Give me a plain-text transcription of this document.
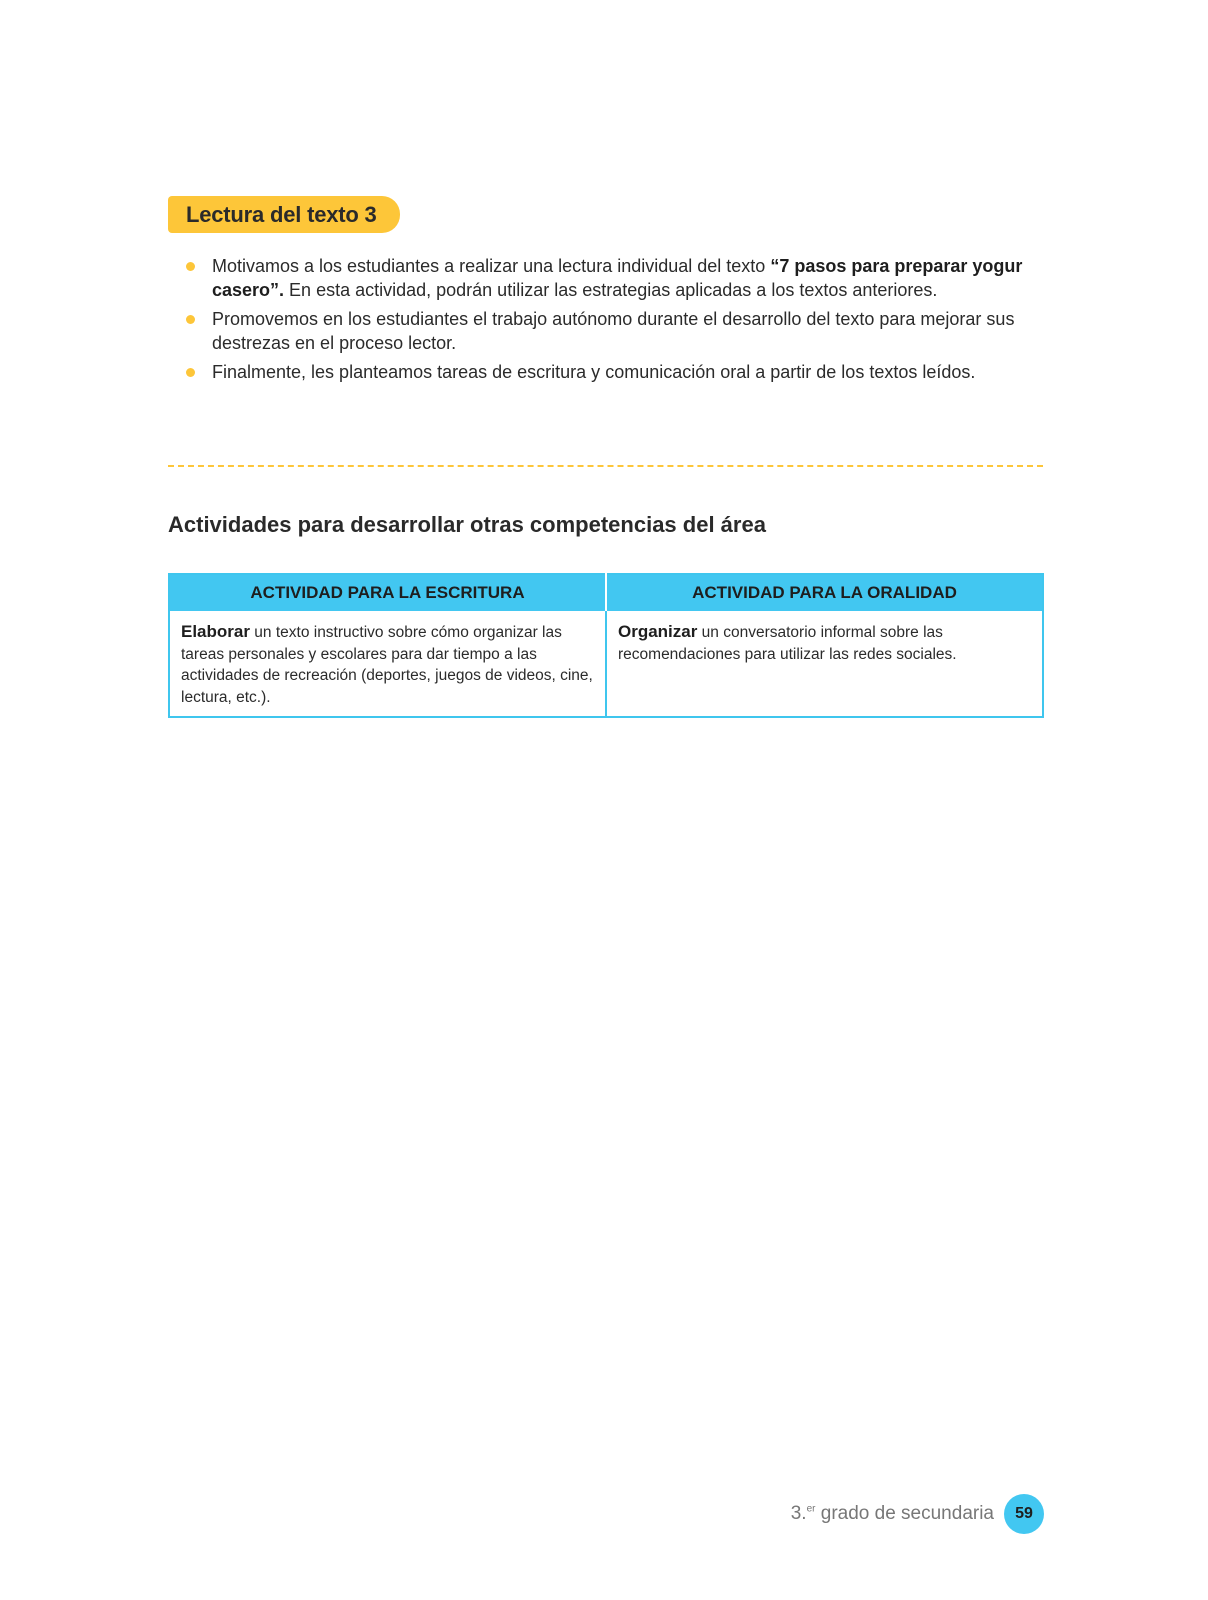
Lectura del texto 3
Motivamos a los estudiantes a realizar una lectura individual del texto “7 pasos para preparar yogur casero”. En esta actividad, podrán utilizar las estrategias aplicadas a los textos anteriores.
Promovemos en los estudiantes el trabajo autónomo durante el desarrollo del texto para mejorar sus destrezas en el proceso lector.
Finalmente, les planteamos tareas de escritura y comunicación oral a partir de los textos leídos.
Actividades para desarrollar otras competencias del área
ACTIVIDAD PARA LA ESCRITURA	ACTIVIDAD PARA LA ORALIDAD
Elaborar un texto instructivo sobre cómo organizar las tareas personales y escolares para dar tiempo a las actividades de recreación (deportes, juegos de videos, cine, lectura, etc.).	Organizar un conversatorio informal sobre las recomendaciones para utilizar las redes sociales.
3.$^{er}$ grado de secundaria	59
